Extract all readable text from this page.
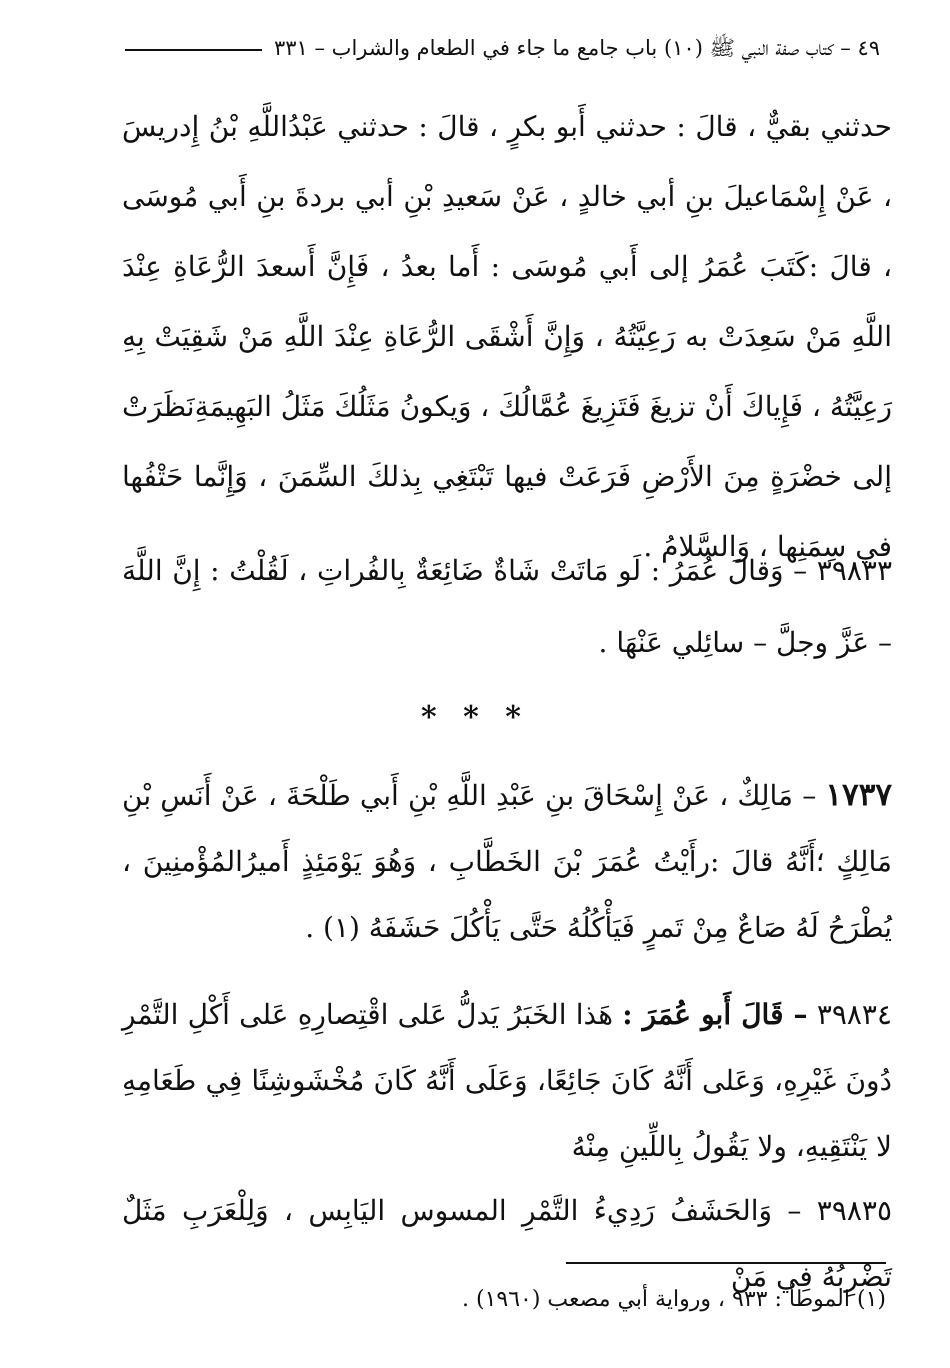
٤٩ – كتاب صفة النبي ﷺ (١٠) باب جامع ما جاء في الطعام والشراب – ٣٣١
حدثني بقيٌّ ، قالَ : حدثني أَبو بكرٍ ، قالَ : حدثني عَبْدُاللَّهِ بْنُ إِدريسَ ، عَنْ إِسْمَاعيلَ بنِ أبي خالدٍ ، عَنْ سَعيدِ بْنِ أبي بردةَ بنِ أَبي مُوسَى ، قالَ :كَتَبَ عُمَرُ إلى أَبي مُوسَى : أَما بعدُ ، فَإِنَّ أَسعدَ الرُّعَاةِ عِنْدَ اللَّهِ مَنْ سَعِدَتْ به رَعِيَّتُهُ ، وَإِنَّ أَشْقَى الرُّعَاةِ عِنْدَ اللَّهِ مَنْ شَقِيَتْ بِهِ رَعِيَّتُهُ ، فَإِياكَ أَنْ تزيغَ فَتَزِيغَ عُمَّالُكَ ، وَيكونُ مَثَلُكَ مَثَلُ البَهِيمَةِنَظَرَتْ إلى خضْرَةٍ مِنَ الأَرْضِ فَرَعَتْ فيها تَبْتَغِي بِذلكَ السِّمَنَ ، وَإِنَّما حَتْفُها في سِمَنِها ، وَالسَّلامُ .
٣٩٨٣٣ – وَقالَ عُمَرُ : لَو مَاتَتْ شَاةٌ ضَائِعَةٌ بِالفُراتِ ، لَقُلْتُ : إِنَّ اللَّهَ – عَزَّ وجلَّ – سائِلي عَنْهَا .
* * *
١٧٣٧ – مَالِكٌ ، عَنْ إِسْحَاقَ بنِ عَبْدِ اللَّهِ بْنِ أَبي طَلْحَةَ ، عَنْ أَنَسِ بْنِ مَالِكٍ ؛أَنَّهُ قالَ :رأَيْتُ عُمَرَ بْنَ الخَطَّابِ ، وَهُوَ يَوْمَئِذٍ أَميرُالمُؤْمنِينَ ، يُطْرَحُ لَهُ صَاعٌ مِنْ تَمرٍ فَيَأْكُلُهُ حَتَّى يَأْكُلَ حَشَفَهُ (١) .
٣٩٨٣٤ – قَالَ أَبو عُمَرَ : هَذا الخَبَرُ يَدلُّ عَلى اقْتِصارِهِ عَلى أَكْلِ التَّمْرِ دُونَ غَيْرِهِ، وَعَلى أَنَّهُ كَانَ جَائِعًا، وَعَلَى أَنَّهُ كَانَ مُخْشَوشِنًا فِي طَعَامِهِ لا يَنْتَقِيهِ، ولا يَقُولُ بِاللِّينِ مِنْهُ
٣٩٨٣٥ – وَالحَشَفُ رَدِيءُ التَّمْرِ المسوس اليَابِس ، وَلِلْعَرَبِ مَثَلٌ تَضْرِبُهُ فِي مَنْ
(١) الموطأ : ٩٣٣ ، ورواية أبي مصعب (١٩٦٠) .
